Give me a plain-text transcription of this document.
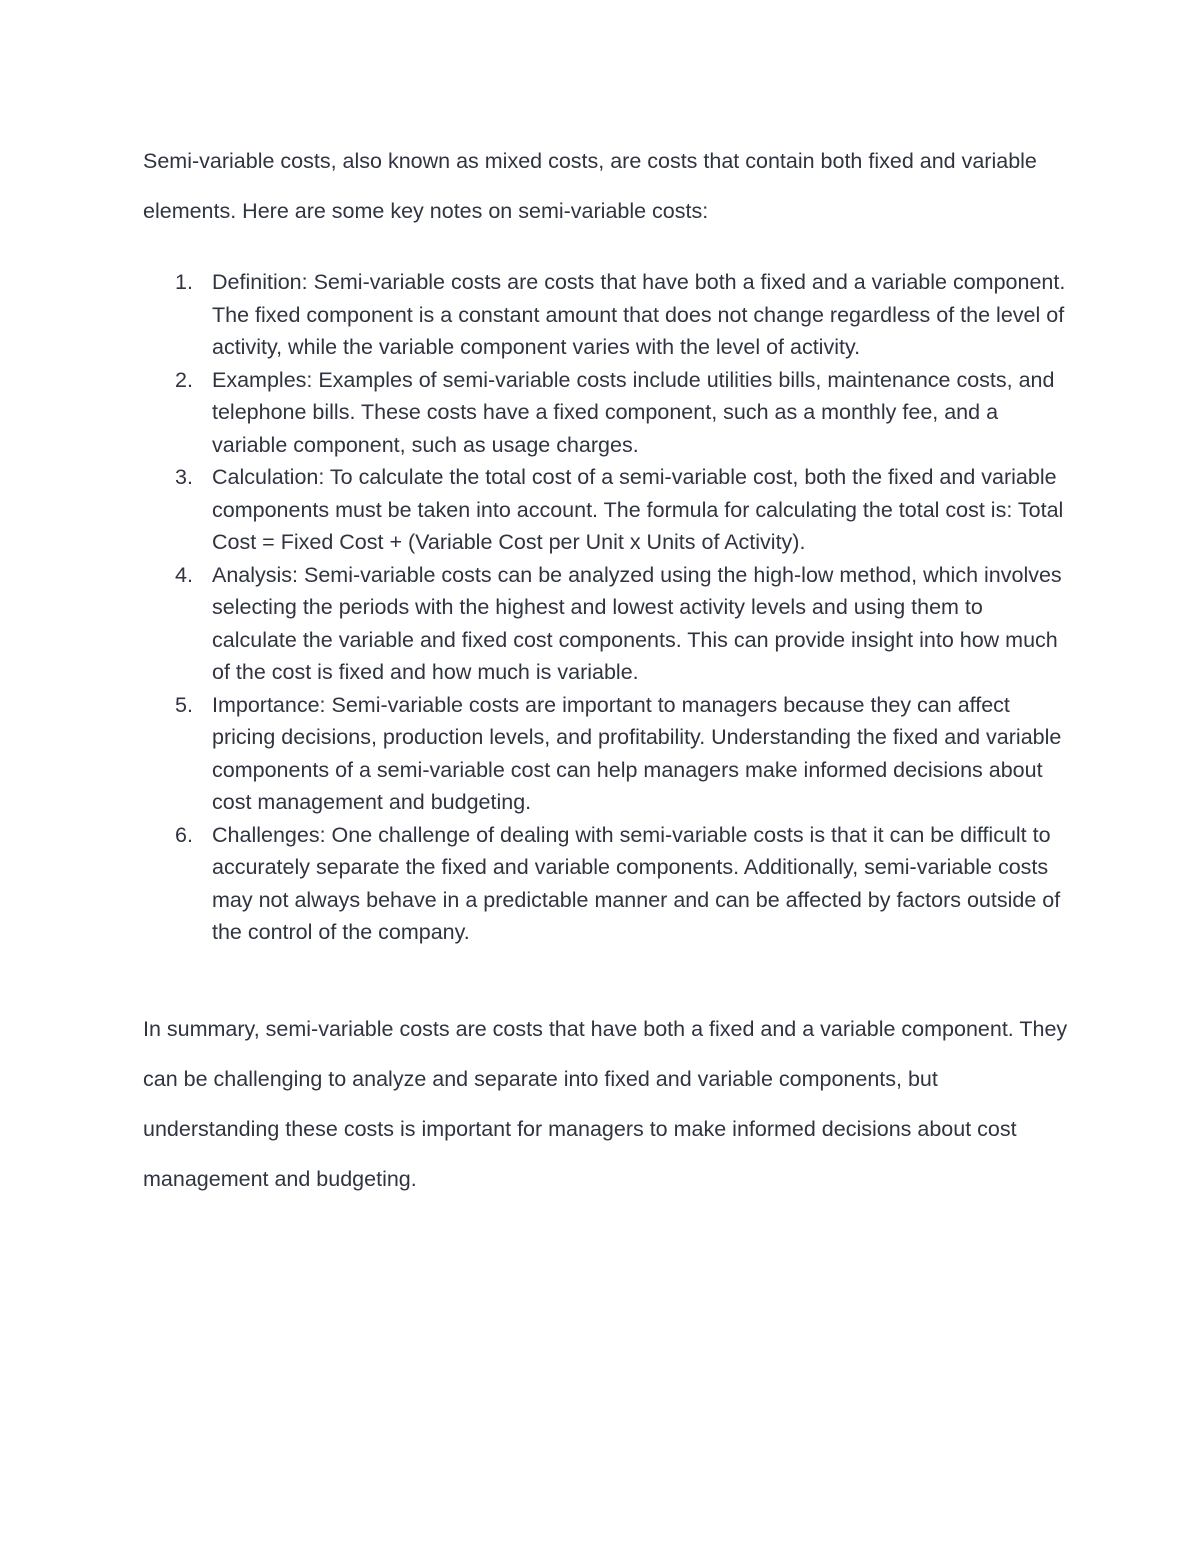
Semi-variable costs, also known as mixed costs, are costs that contain both fixed and variable elements. Here are some key notes on semi-variable costs:

1. Definition: Semi-variable costs are costs that have both a fixed and a variable component. The fixed component is a constant amount that does not change regardless of the level of activity, while the variable component varies with the level of activity.
2. Examples: Examples of semi-variable costs include utilities bills, maintenance costs, and telephone bills. These costs have a fixed component, such as a monthly fee, and a variable component, such as usage charges.
3. Calculation: To calculate the total cost of a semi-variable cost, both the fixed and variable components must be taken into account. The formula for calculating the total cost is: Total Cost = Fixed Cost + (Variable Cost per Unit x Units of Activity).
4. Analysis: Semi-variable costs can be analyzed using the high-low method, which involves selecting the periods with the highest and lowest activity levels and using them to calculate the variable and fixed cost components. This can provide insight into how much of the cost is fixed and how much is variable.
5. Importance: Semi-variable costs are important to managers because they can affect pricing decisions, production levels, and profitability. Understanding the fixed and variable components of a semi-variable cost can help managers make informed decisions about cost management and budgeting.
6. Challenges: One challenge of dealing with semi-variable costs is that it can be difficult to accurately separate the fixed and variable components. Additionally, semi-variable costs may not always behave in a predictable manner and can be affected by factors outside of the control of the company.

In summary, semi-variable costs are costs that have both a fixed and a variable component. They can be challenging to analyze and separate into fixed and variable components, but understanding these costs is important for managers to make informed decisions about cost management and budgeting.
